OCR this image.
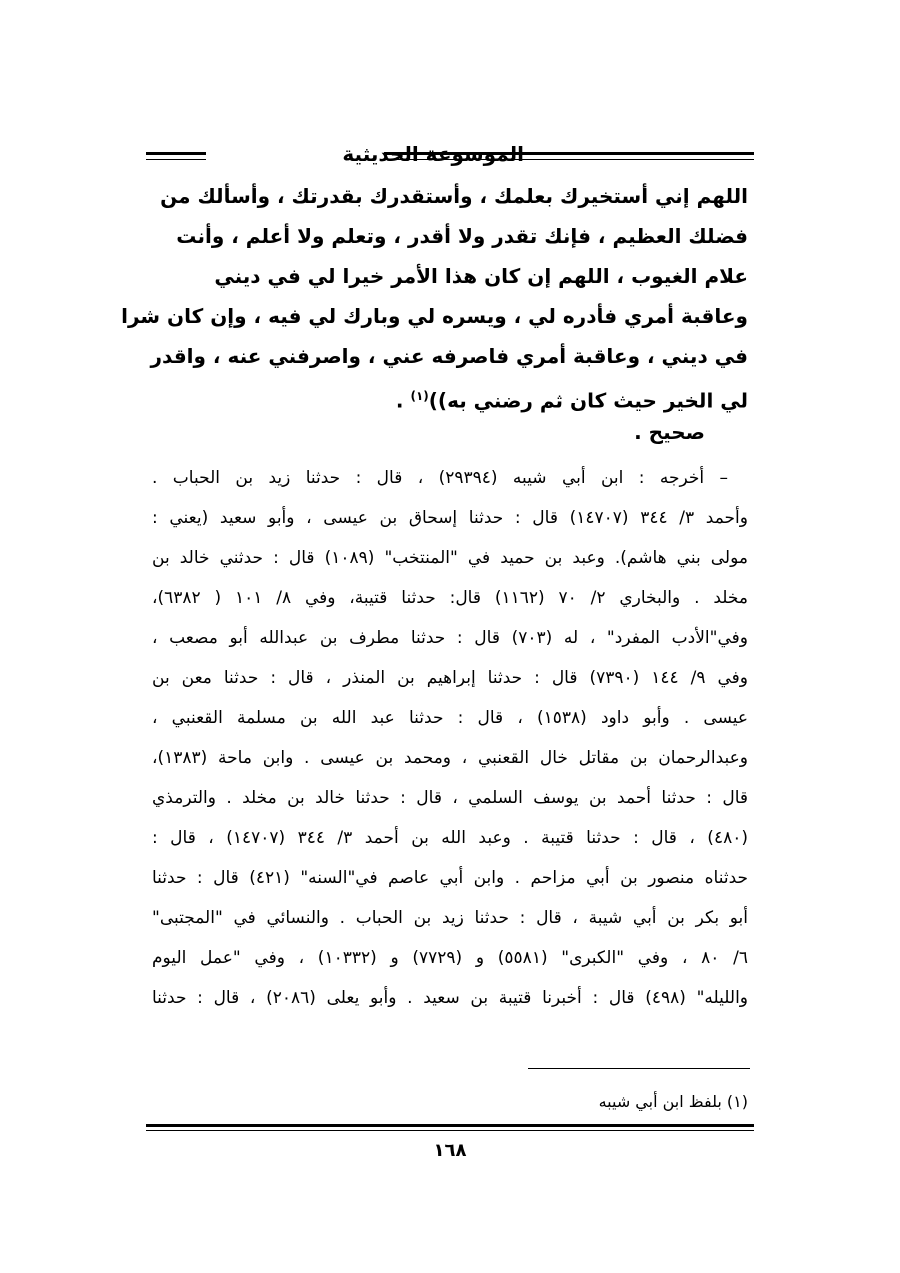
الموسوعة الحديثية
اللهم إني أستخيرك بعلمك ، وأستقدرك بقدرتك ، وأسألك من
فضلك العظيم ، فإنك تقدر ولا أقدر ، وتعلم ولا أعلم ، وأنت
علام الغيوب ، اللهم إن كان هذا الأمر خيرا لي في ديني
وعاقبة أمري فأدره لي ، ويسره لي وبارك لي فيه ، وإن كان شرا
في ديني ، وعاقبة أمري فاصرفه عني ، واصرفني عنه ، واقدر
لي الخير حيث كان ثم رضني به))$^{(١)}$ .
صحيح .
– أخرجه : ابن أبي شيبه (٢٩٣٩٤) ، قال : حدثنا زيد بن الحباب .
وأحمد ٣/ ٣٤٤ (١٤٧٠٧) قال : حدثنا إسحاق بن عيسى ، وأبو سعيد (يعني :
مولى بني هاشم). وعبد بن حميد في "المنتخب" (١٠٨٩) قال : حدثني خالد بن
مخلد . والبخاري ٢/ ٧٠ (١١٦٢) قال: حدثنا قتيبة، وفي ٨/ ١٠١ ( ٦٣٨٢)،
وفي"الأدب المفرد" ، له (٧٠٣) قال : حدثنا مطرف بن عبدالله أبو مصعب ،
وفي ٩/ ١٤٤ (٧٣٩٠) قال : حدثنا إبراهيم بن المنذر ، قال : حدثنا معن بن
عيسى . وأبو داود (١٥٣٨) ، قال : حدثنا عبد الله بن مسلمة القعنبي ،
وعبدالرحمان بن مقاتل خال القعنبي ، ومحمد بن عيسى . وابن ماحة (١٣٨٣)،
قال : حدثنا أحمد بن يوسف السلمي ، قال : حدثنا خالد بن مخلد . والترمذي
(٤٨٠) ، قال : حدثنا قتيبة . وعبد الله بن أحمد ٣/ ٣٤٤ (١٤٧٠٧) ، قال :
حدثناه منصور بن أبي مزاحم . وابن أبي عاصم في"السنه" (٤٢١) قال : حدثنا
أبو بكر بن أبي شيبة ، قال : حدثنا زيد بن الحباب . والنسائي في "المجتبى"
٦/ ٨٠ ، وفي "الكبرى" (٥٥٨١) و (٧٧٢٩) و (١٠٣٣٢) ، وفي "عمل اليوم
والليله" (٤٩٨) قال : أخبرنا قتيبة بن سعيد . وأبو يعلى (٢٠٨٦) ، قال : حدثنا
(١) بلفظ ابن أبي شيبه
١٦٨
